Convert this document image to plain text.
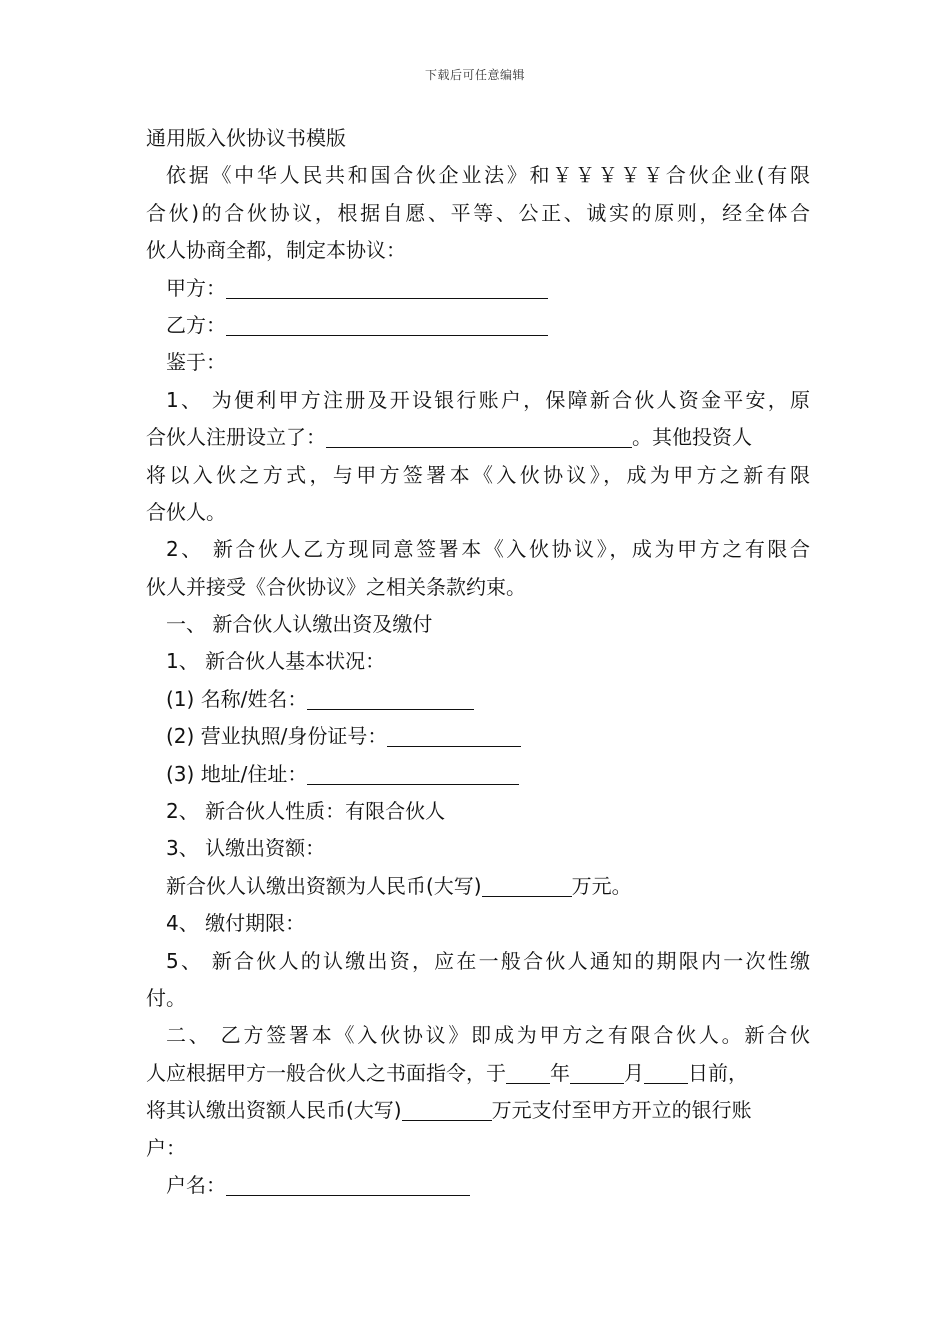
下载后可任意编辑
通用版入伙协议书模版
依据《中华人民共和国合伙企业法》和￥￥￥￥￥合伙企业(有限
合伙)的合伙协议，根据自愿、平等、公正、诚实的原则，经全体合
伙人协商全都，制定本协议：
甲方：
乙方：
鉴于：
1、 为便利甲方注册及开设银行账户，保障新合伙人资金平安，原
合伙人注册设立了：	。其他投资人
将以入伙之方式，与甲方签署本《入伙协议》，成为甲方之新有限
合伙人。
2、 新合伙人乙方现同意签署本《入伙协议》，成为甲方之有限合
伙人并接受《合伙协议》之相关条款约束。
一、 新合伙人认缴出资及缴付
1、 新合伙人基本状况：
(1) 名称/姓名：
(2) 营业执照/身份证号：
(3) 地址/住址：
2、 新合伙人性质：有限合伙人
3、 认缴出资额：
新合伙人认缴出资额为人民币(大写)	万元。
4、 缴付期限：
5、 新合伙人的认缴出资，应在一般合伙人通知的期限内一次性缴
付。
二、 乙方签署本《入伙协议》即成为甲方之有限合伙人。新合伙
人应根据甲方一般合伙人之书面指令，于 年	月 日前，
将其认缴出资额人民币(大写)	万元支付至甲方开立的银行账
户：
户名：
